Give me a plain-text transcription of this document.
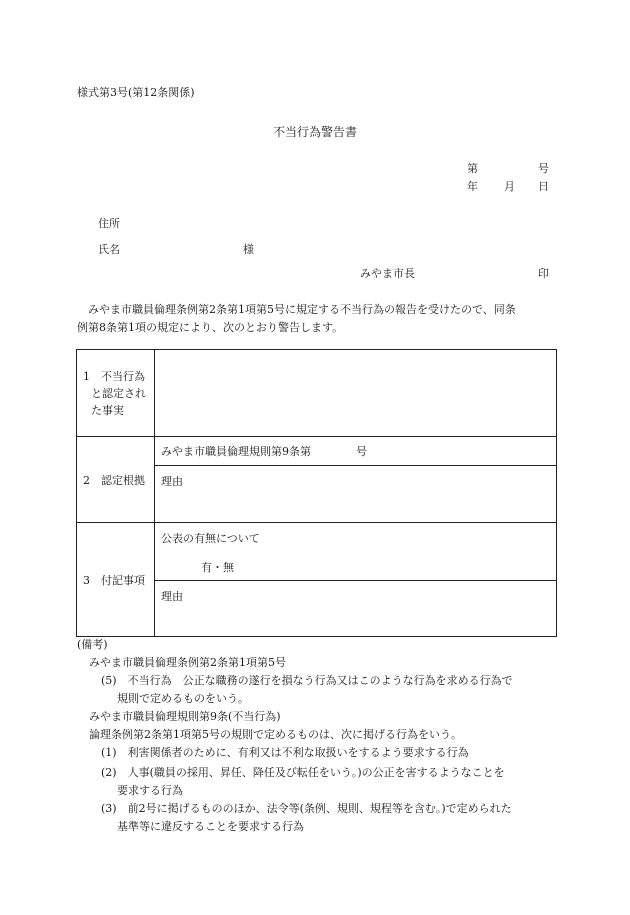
様式第3号(第12条関係)
不当行為警告書
第	号
年 月 日
住所
氏名	様
みやま市長	印
　みやま市職員倫理条例第2条第1項第5号に規定する不当行為の報告を受けたので、同条
例第8条第1項の規定により、次のとおり警告します。
1　不当行為
と認定され
た事実	

2　認定根拠	みやま市職員倫理規則第9条第 号

	理由

3　付記事項	公表の有無について
有・無

	理由
(備考)
みやま市職員倫理条例第2条第1項第5号
(5)　不当行為　公正な職務の遂行を損なう行為又はこのような行為を求める行為で
規則で定めるものをいう。
みやま市職員倫理規則第9条(不当行為)
論理条例第2条第1項第5号の規則で定めるものは、次に掲げる行為をいう。
(1)　利害関係者のために、有利又は不利な取扱いをするよう要求する行為
(2)　人事(職員の採用、昇任、降任及び転任をいう。)の公正を害するようなことを
要求する行為
(3)　前2号に掲げるもののほか、法令等(条例、規則、規程等を含む。)で定められた
基準等に違反することを要求する行為
